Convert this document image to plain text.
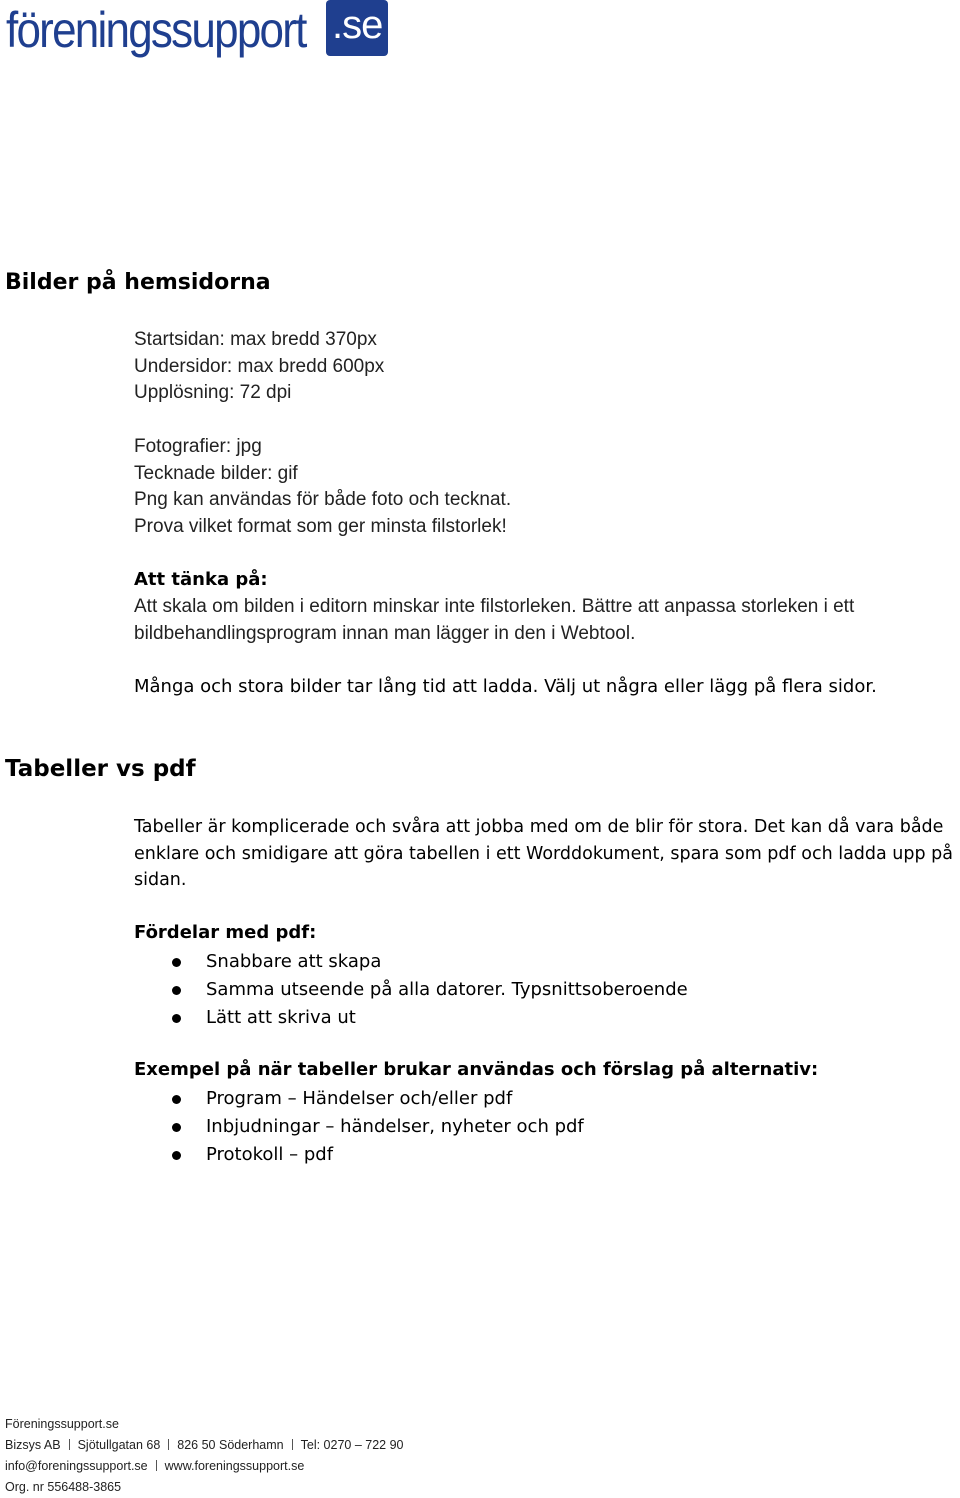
föreningssupport .se
Bilder på hemsidorna
Startsidan: max bredd 370px
Undersidor: max bredd 600px
Upplösning: 72 dpi
Fotografier: jpg
Tecknade bilder: gif
Png kan användas för både foto och tecknat.
Prova vilket format som ger minsta filstorlek!
Att tänka på:
Att skala om bilden i editorn minskar inte filstorleken. Bättre att anpassa storleken i ett bildbehandlingsprogram innan man lägger in den i Webtool.
Många och stora bilder tar lång tid att ladda. Välj ut några eller lägg på flera sidor.
Tabeller vs pdf
Tabeller är komplicerade och svåra att jobba med om de blir för stora. Det kan då vara både enklare och smidigare att göra tabellen i ett Worddokument, spara som pdf och ladda upp på sidan.
Fördelar med pdf:
Snabbare att skapa
Samma utseende på alla datorer. Typsnittsoberoende
Lätt att skriva ut
Exempel på när tabeller brukar användas och förslag på alternativ:
Program – Händelser och/eller pdf
Inbjudningar – händelser, nyheter och pdf
Protokoll – pdf
Föreningssupport.se
Bizsys AB Sjötullgatan 68 826 50 Söderhamn Tel: 0270 – 722 90
info@foreningssupport.se www.foreningssupport.se
Org. nr 556488-3865
